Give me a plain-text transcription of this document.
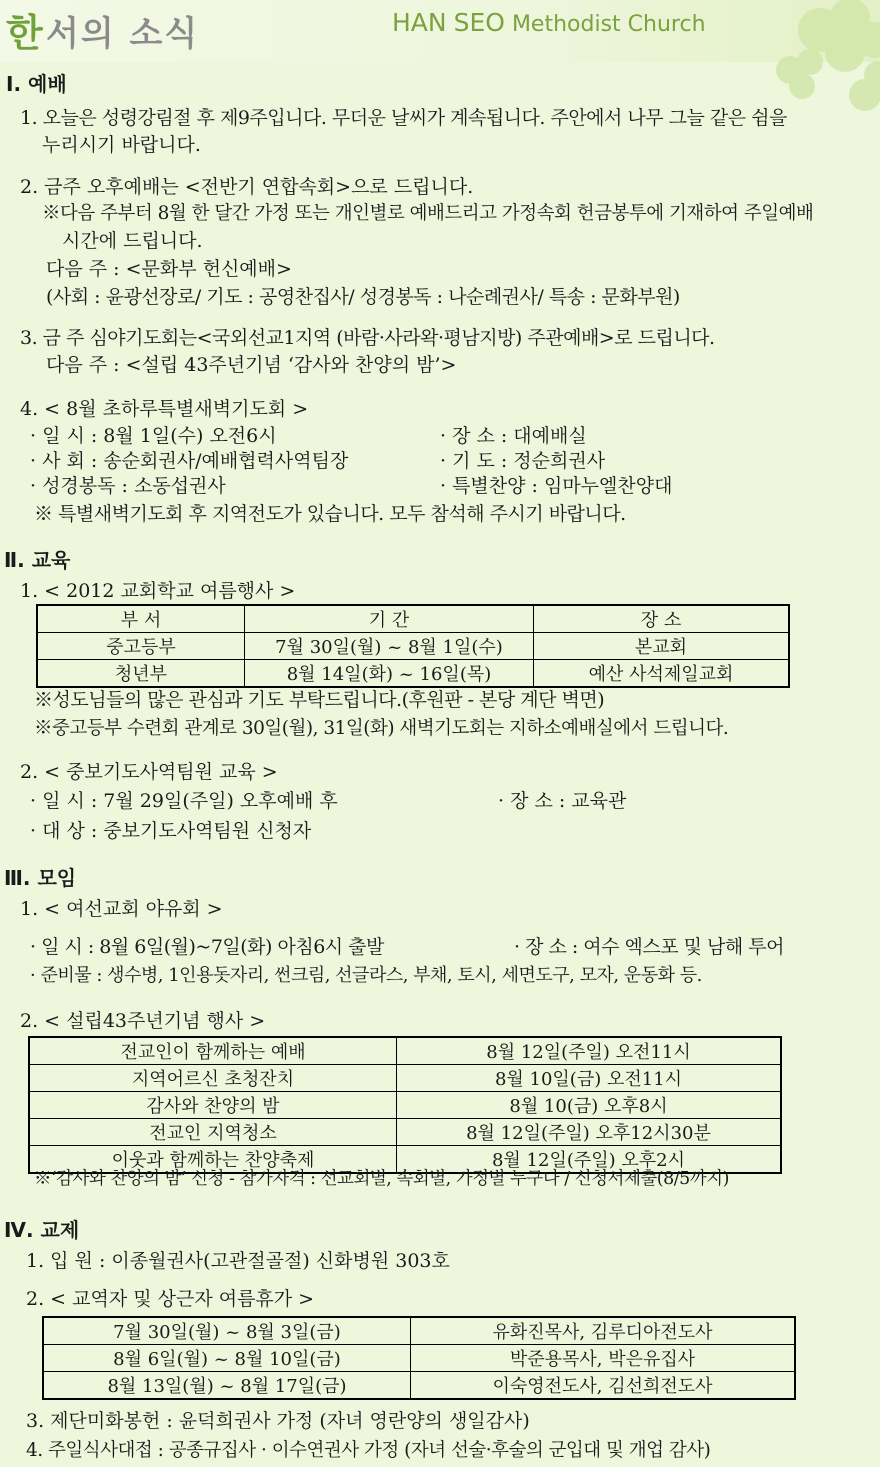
한 서의 소식	HAN SEO Methodist Church
Ⅰ. 예배
1. 오늘은 성령강림절 후 제9주입니다. 무더운 날씨가 계속됩니다. 주안에서 나무 그늘 같은 쉼을
누리시기 바랍니다.
2. 금주 오후예배는 <전반기 연합속회>으로 드립니다.
※다음 주부터 8월 한 달간 가정 또는 개인별로 예배드리고 가정속회 헌금봉투에 기재하여 주일예배
시간에 드립니다.
다음 주 : <문화부 헌신예배>
(사회 : 윤광선장로/ 기도 : 공영찬집사/ 성경봉독 : 나순례권사/ 특송 : 문화부원)
3. 금 주 심야기도회는<국외선교1지역 (바람·사라왁·평남지방) 주관예배>로 드립니다.
다음 주 : <설립 43주년기념 ‘감사와 찬양의 밤’>
4. < 8월 초하루특별새벽기도회 >
· 일 시 : 8월 1일(수) 오전6시	· 장 소 : 대예배실
· 사 회 : 송순회권사/예배협력사역팀장	· 기 도 : 정순희권사
· 성경봉독 : 소동섭권사	· 특별찬양 : 임마누엘찬양대
※ 특별새벽기도회 후 지역전도가 있습니다. 모두 참석해 주시기 바랍니다.
Ⅱ. 교육
1. < 2012 교회학교 여름행사 >
부 서	기 간	장 소
중고등부	7월 30일(월) ~ 8월 1일(수)	본교회
청년부	8월 14일(화) ~ 16일(목)	예산 사석제일교회
※성도님들의 많은 관심과 기도 부탁드립니다.(후원판 - 본당 계단 벽면)
※중고등부 수련회 관계로 30일(월), 31일(화) 새벽기도회는 지하소예배실에서 드립니다.
2. < 중보기도사역팀원 교육 >
· 일 시 : 7월 29일(주일) 오후예배 후	· 장 소 : 교육관
· 대 상 : 중보기도사역팀원 신청자
Ⅲ. 모임
1. < 여선교회 야유회 >
· 일 시 : 8월 6일(월)~7일(화) 아침6시 출발	· 장 소 : 여수 엑스포 및 남해 투어
· 준비물 : 생수병, 1인용돗자리, 썬크림, 선글라스, 부채, 토시, 세면도구, 모자, 운동화 등.
2. < 설립43주년기념 행사 >
전교인이 함께하는 예배	8월 12일(주일) 오전11시
지역어르신 초청잔치	8월 10일(금) 오전11시
감사와 찬양의 밤	8월 10(금) 오후8시
전교인 지역청소	8월 12일(주일) 오후12시30분
이웃과 함께하는 찬양축제	8월 12일(주일) 오후2시
※‘감사와 찬양의 밤’ 신청 - 참가자격 : 선교회별, 속회별, 가정별 누구나 / 신청서제출(8/5까지)
Ⅳ. 교제
1. 입 원 : 이종월권사(고관절골절) 신화병원 303호
2. < 교역자 및 상근자 여름휴가 >
7월 30일(월) ~ 8월 3일(금)	유화진목사, 김루디아전도사
8월 6일(월) ~ 8월 10일(금)	박준용목사, 박은유집사
8월 13일(월) ~ 8월 17일(금)	이숙영전도사, 김선희전도사
3. 제단미화봉헌 : 윤덕희권사 가정 (자녀 영란양의 생일감사)
4. 주일식사대접 : 공종규집사 · 이수연권사 가정 (자녀 선술·후술의 군입대 및 개업 감사)
